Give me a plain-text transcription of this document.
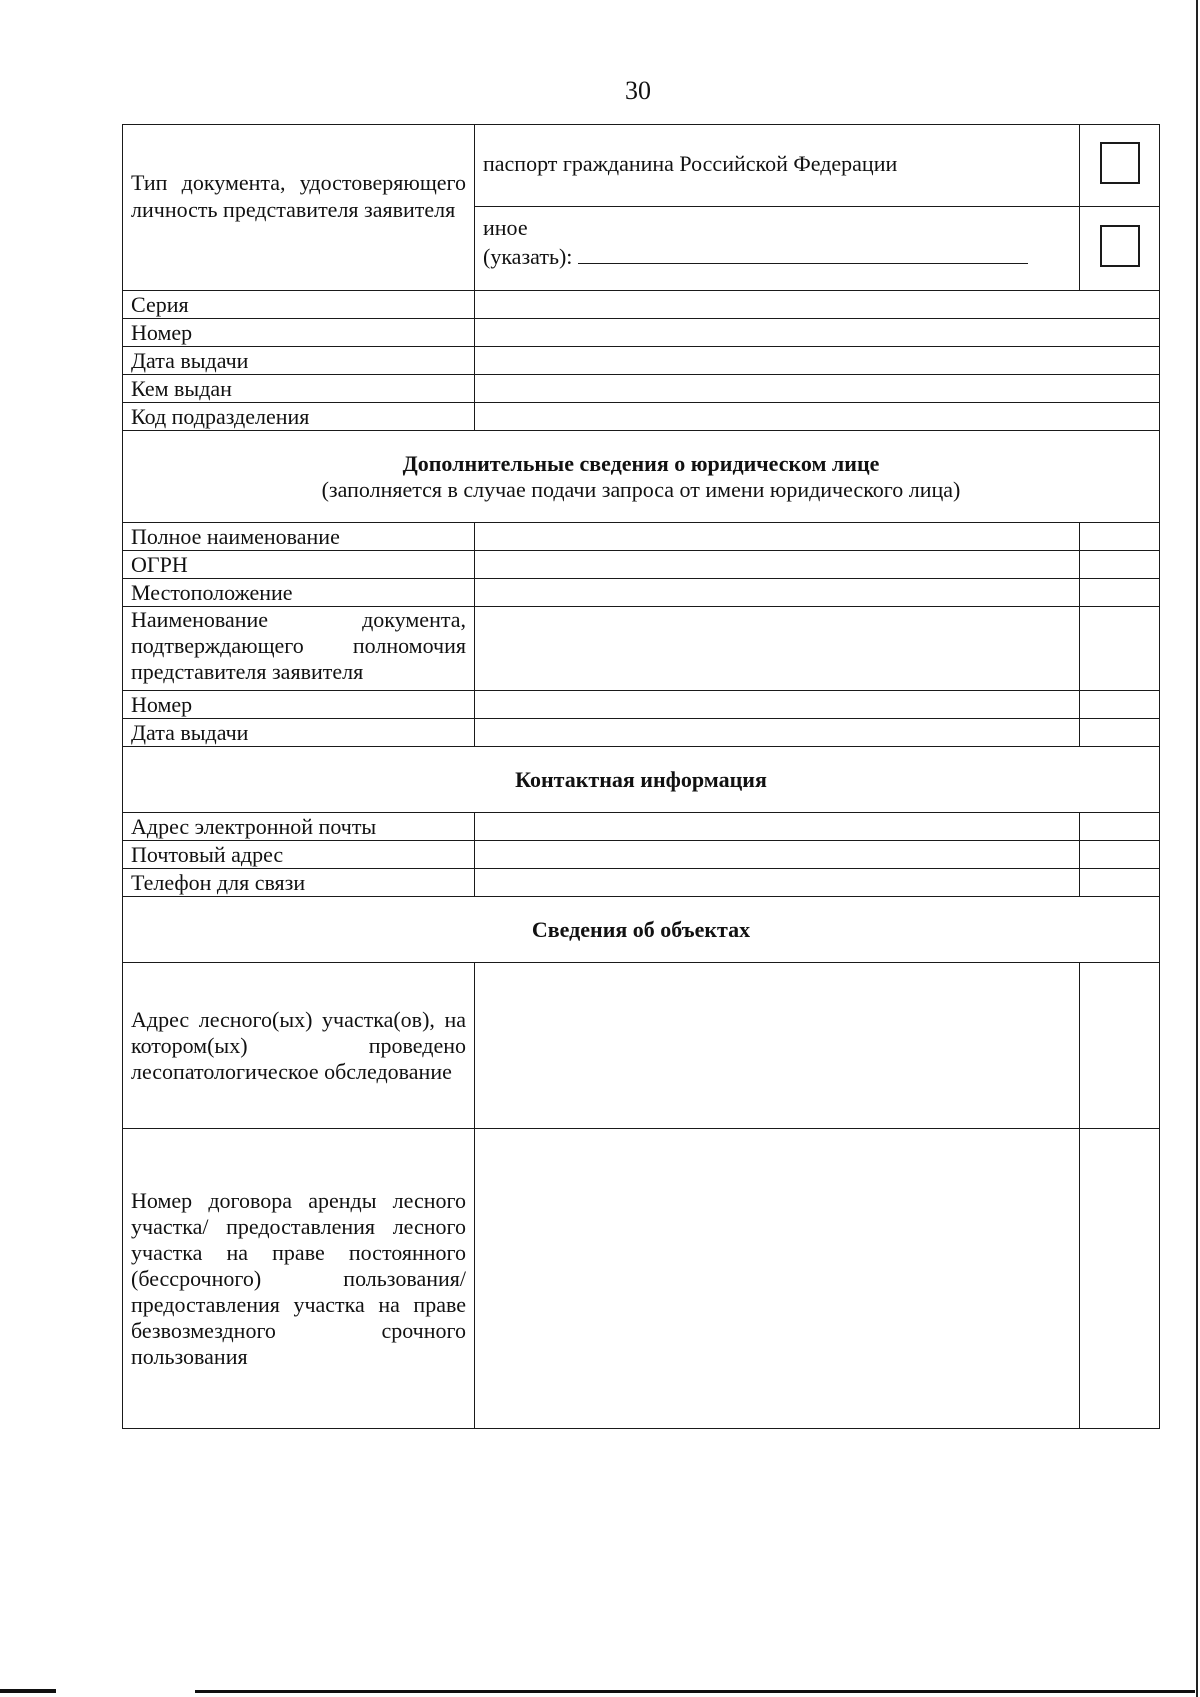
30
Тип документа, удостоверяющего личность представителя заявителя	паспорт гражданина Российской Федерации	

	иное
(указать):	

Серия		
Номер		
Дата выдачи		
Кем выдан		
Код подразделения		

Дополнительные сведения о юридическом лице
(заполняется в случае подачи запроса от имени юридического лица)		

Полное наименование		
ОГРН		
Местоположение		
Наименование документа, подтверждающего полномочия представителя заявителя		
Номер		
Дата выдачи		

Контактная информация		

Адрес электронной почты		
Почтовый адрес		
Телефон для связи		

Сведения об объектах		

Адрес лесного(ых) участка(ов), на котором(ых) проведено лесопатологическое обследование		
Номер договора аренды лесного участка/ предоставления лесного участка на праве постоянного (бессрочного) пользования/предоставления участка на праве безвозмездного срочного пользования		
